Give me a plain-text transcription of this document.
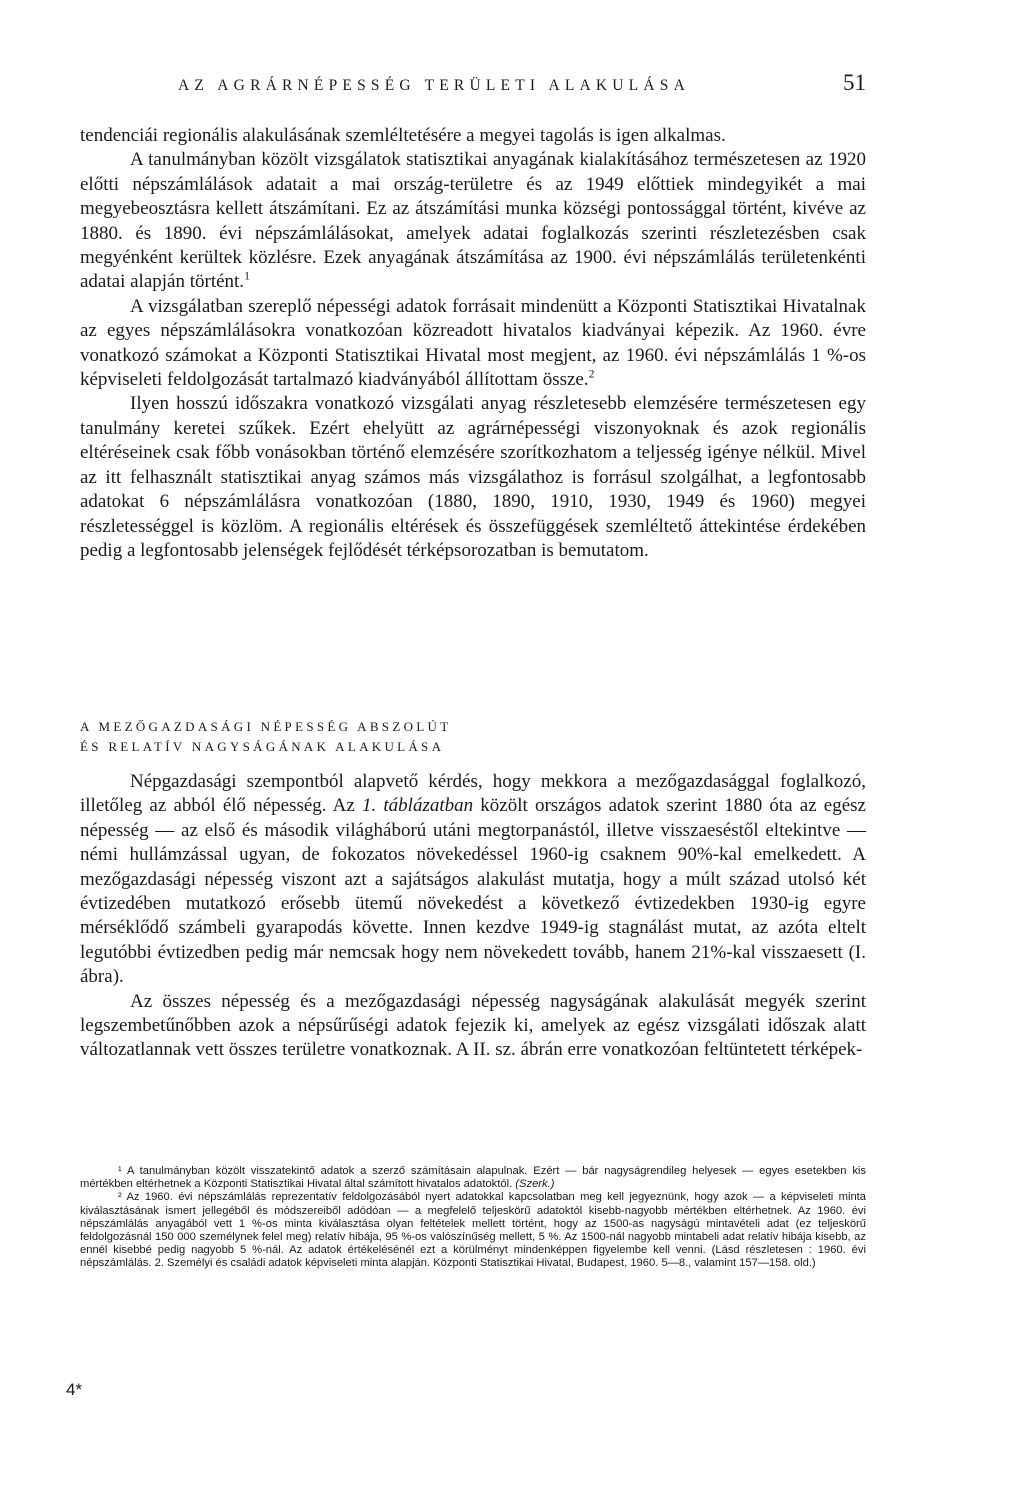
AZ AGRÁRNÉPESSÉG TERÜLETI ALAKULÁSA	51

tendenciái regionális alakulásának szemléltetésére a megyei tagolás is igen alkalmas.

A tanulmányban közölt vizsgálatok statisztikai anyagának kialakításához természetesen az 1920 előtti népszámlálások adatait a mai ország-területre és az 1949 előttiek mindegyikét a mai megyebeosztásra kellett átszámítani. Ez az átszámítási munka községi pontossággal történt, kivéve az 1880. és 1890. évi népszámlálásokat, amelyek adatai foglalkozás szerinti részletezésben csak megyénként kerültek közlésre. Ezek anyagának átszámítása az 1900. évi népszámlálás területenkénti adatai alapján történt.$^1$

A vizsgálatban szereplő népességi adatok forrásait mindenütt a Központi Statisztikai Hivatalnak az egyes népszámlálásokra vonatkozóan közreadott hivatalos kiadványai képezik. Az 1960. évre vonatkozó számokat a Központi Statisztikai Hivatal most megjent, az 1960. évi népszámlálás 1 %-os képviseleti feldolgozását tartalmazó kiadványából állítottam össze.$^2$

Ilyen hosszú időszakra vonatkozó vizsgálati anyag részletesebb elemzésére természetesen egy tanulmány keretei szűkek. Ezért ehelyütt az agrárnépességi viszonyoknak és azok regionális eltéréseinek csak főbb vonásokban történő elemzésére szorítkozhatom a teljesség igénye nélkül. Mivel az itt felhasznált statisztikai anyag számos más vizsgálathoz is forrásul szolgálhat, a legfontosabb adatokat 6 népszámlálásra vonatkozóan (1880, 1890, 1910, 1930, 1949 és 1960) megyei részletességgel is közlöm. A regionális eltérések és összefüggések szemléltető áttekintése érdekében pedig a legfontosabb jelenségek fejlődését térképsorozatban is bemutatom.

A MEZŐGAZDASÁGI NÉPESSÉG ABSZOLÚT
ÉS RELATÍV NAGYSÁGÁNAK ALAKULÁSA

Népgazdasági szempontból alapvető kérdés, hogy mekkora a mezőgazdasággal foglalkozó, illetőleg az abból élő népesség. Az 1. táblázatban közölt országos adatok szerint 1880 óta az egész népesség — az első és második világháború utáni megtorpanástól, illetve visszaeséstől eltekintve — némi hullámzással ugyan, de fokozatos növekedéssel 1960-ig csaknem 90%-kal emelkedett. A mezőgazdasági népesség viszont azt a sajátságos alakulást mutatja, hogy a múlt század utolsó két évtizedében mutatkozó erősebb ütemű növekedést a következő évtizedekben 1930-ig egyre mérséklődő számbeli gyarapodás követte. Innen kezdve 1949-ig stagnálást mutat, az azóta eltelt legutóbbi évtizedben pedig már nemcsak hogy nem növekedett tovább, hanem 21%-kal visszaesett (I. ábra).

Az összes népesség és a mezőgazdasági népesség nagyságának alakulását megyék szerint legszembetűnőbben azok a népsűrűségi adatok fejezik ki, amelyek az egész vizsgálati időszak alatt változatlannak vett összes területre vonatkoznak. A II. sz. ábrán erre vonatkozóan feltüntetett térképek-

¹ A tanulmányban közölt visszatekintő adatok a szerző számításain alapulnak. Ezért — bár nagyságrendileg helyesek — egyes esetekben kis mértékben eltérhetnek a Központi Statisztikai Hivatal által számított hivatalos adatoktól. (Szerk.)

² Az 1960. évi népszámlálás reprezentatív feldolgozásából nyert adatokkal kapcsolatban meg kell jegyeznünk, hogy azok — a képviseleti minta kiválasztásának ismert jellegéből és módszereiből adódóan — a megfelelő teljeskörű adatoktól kisebb-nagyobb mértékben eltérhetnek. Az 1960. évi népszámlálás anyagából vett 1 %-os minta kiválasztása olyan feltételek mellett történt, hogy az 1500-as nagyságú mintavételi adat (ez teljeskörű feldolgozásnál 150 000 személynek felel meg) relatív hibája, 95 %-os valószínűség mellett, 5 %. Az 1500-nál nagyobb mintabeli adat relatív hibája kisebb, az ennél kisebbé pedig nagyobb 5 %-nál. Az adatok értékelésénél ezt a körülményt mindenképpen figyelembe kell venni. (Lásd részletesen : 1960. évi népszámlálás. 2. Személyi és családi adatok képviseleti minta alapján. Központi Statisztikai Hivatal, Budapest, 1960. 5—8., valamint 157—158. old.)

4*
